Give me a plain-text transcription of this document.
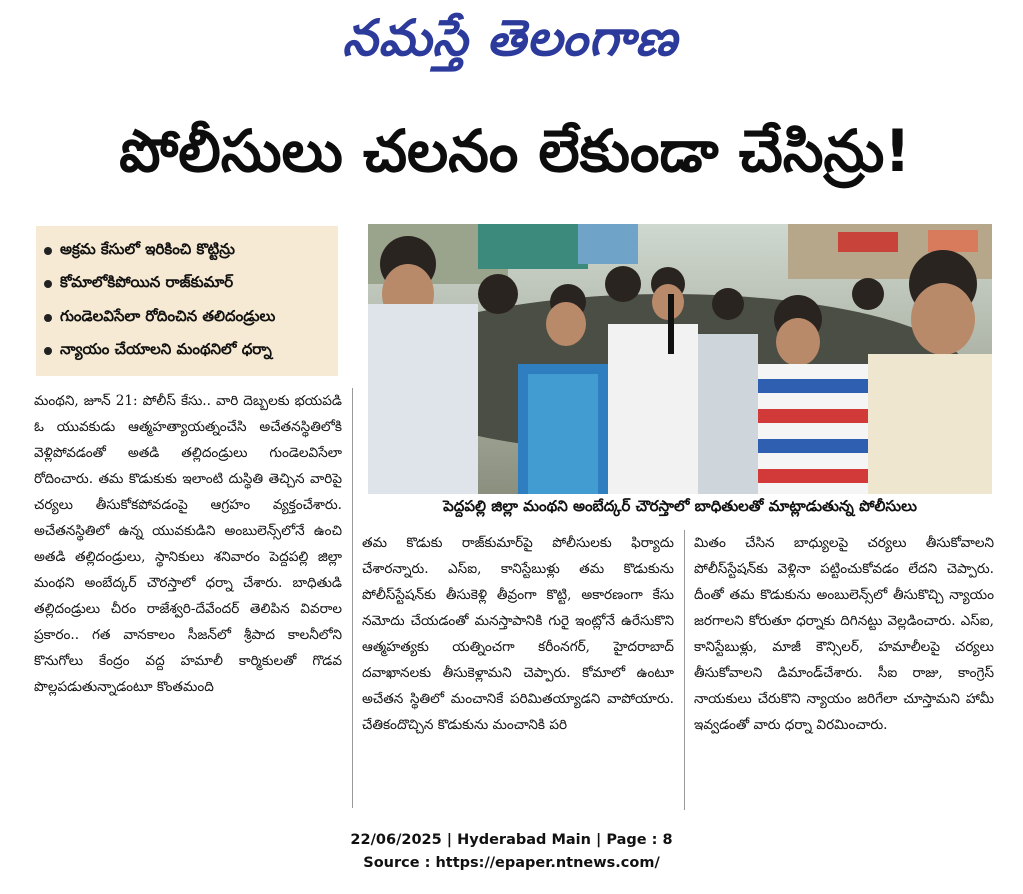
నమస్తే తెలంగాణ
పోలీసులు చలనం లేకుండా చేసిన్రు!
అక్రమ కేసులో ఇరికించి కొట్టిన్రు
కోమాలోకిపోయిన రాజ్‌కుమార్
గుండెలవిసేలా రోదించిన తలిదండ్రులు
న్యాయం చేయాలని మంథనిలో ధర్నా
పెద్దపల్లి జిల్లా మంథని అంబేద్కర్ చౌరస్తాలో బాధితులతో మాట్లాడుతున్న పోలీసులు

మంథని, జూన్ 21: పోలీస్ కేసు.. వారి దెబ్బలకు భయపడి ఓ యువకుడు ఆత్మహత్యాయత్నంచేసి అచేతనస్థితిలోకి వెళ్లిపోవడంతో అతడి తల్లిదండ్రులు గుండెలవిసేలా రోదించారు. తమ కొడుకుకు ఇలాంటి దుస్థితి తెచ్చిన వారిపై చర్యలు తీసుకోకపోవడంపై ఆగ్రహం వ్యక్తంచేశారు. అచేతనస్థితిలో ఉన్న యువకుడిని అంబులెన్స్‌లోనే ఉంచి అతడి తల్లిదండ్రులు, స్థానికులు శనివారం పెద్దపల్లి జిల్లా మంథని అంబేద్కర్ చౌరస్తాలో ధర్నా చేశారు. బాధితుడి తల్లిదండ్రులు చీరం రాజేశ్వరి-దేవేందర్ తెలిపిన వివరాల ప్రకారం.. గత వానకాలం సీజన్‌లో శ్రీపాద కాలనీలోని కొనుగోలు కేంద్రం వద్ద హమాలీ కార్మికులతో గొడవ పొల్లపడుతున్నాడంటూ కొంతమంది

తమ కొడుకు రాజ్‌కుమార్‌పై పోలీసులకు ఫిర్యాదు చేశారన్నారు. ఎస్ఐ, కానిస్టేబుళ్లు తమ కొడుకును పోలీస్‌స్టేషన్‌కు తీసుకెళ్లి తీవ్రంగా కొట్టి, అకారణంగా కేసు నమోదు చేయడంతో మనస్తాపానికి గురై ఇంట్లోనే ఉరేసుకొని ఆత్మహత్యకు యత్నించగా కరీంనగర్, హైదరాబాద్ దవాఖానలకు తీసుకెళ్లామని చెప్పారు. కోమాలో ఉంటూ అచేతన స్థితిలో మంచానికే పరిమితయ్యాడని వాపోయారు. చేతికందొచ్చిన కొడుకును మంచానికి పరి

మితం చేసిన బాధ్యులపై చర్యలు తీసుకోవాలని పోలీస్‌స్టేషన్‌కు వెళ్లినా పట్టించుకోవడం లేదని చెప్పారు. దీంతో తమ కొడుకును అంబులెన్స్‌లో తీసుకొచ్చి న్యాయం జరగాలని కోరుతూ ధర్నాకు దిగినట్టు వెల్లడించారు. ఎస్ఐ, కానిస్టేబుళ్లు, మాజీ కౌన్సిలర్, హమాలీలపై చర్యలు తీసుకోవాలని డిమాండ్‌చేశారు. సీఐ రాజు, కాంగ్రెస్ నాయకులు చేరుకొని న్యాయం జరిగేలా చూస్తామని హామీ ఇవ్వడంతో వారు ధర్నా విరమించారు.

22/06/2025 | Hyderabad Main | Page : 8
Source : https://epaper.ntnews.com/
